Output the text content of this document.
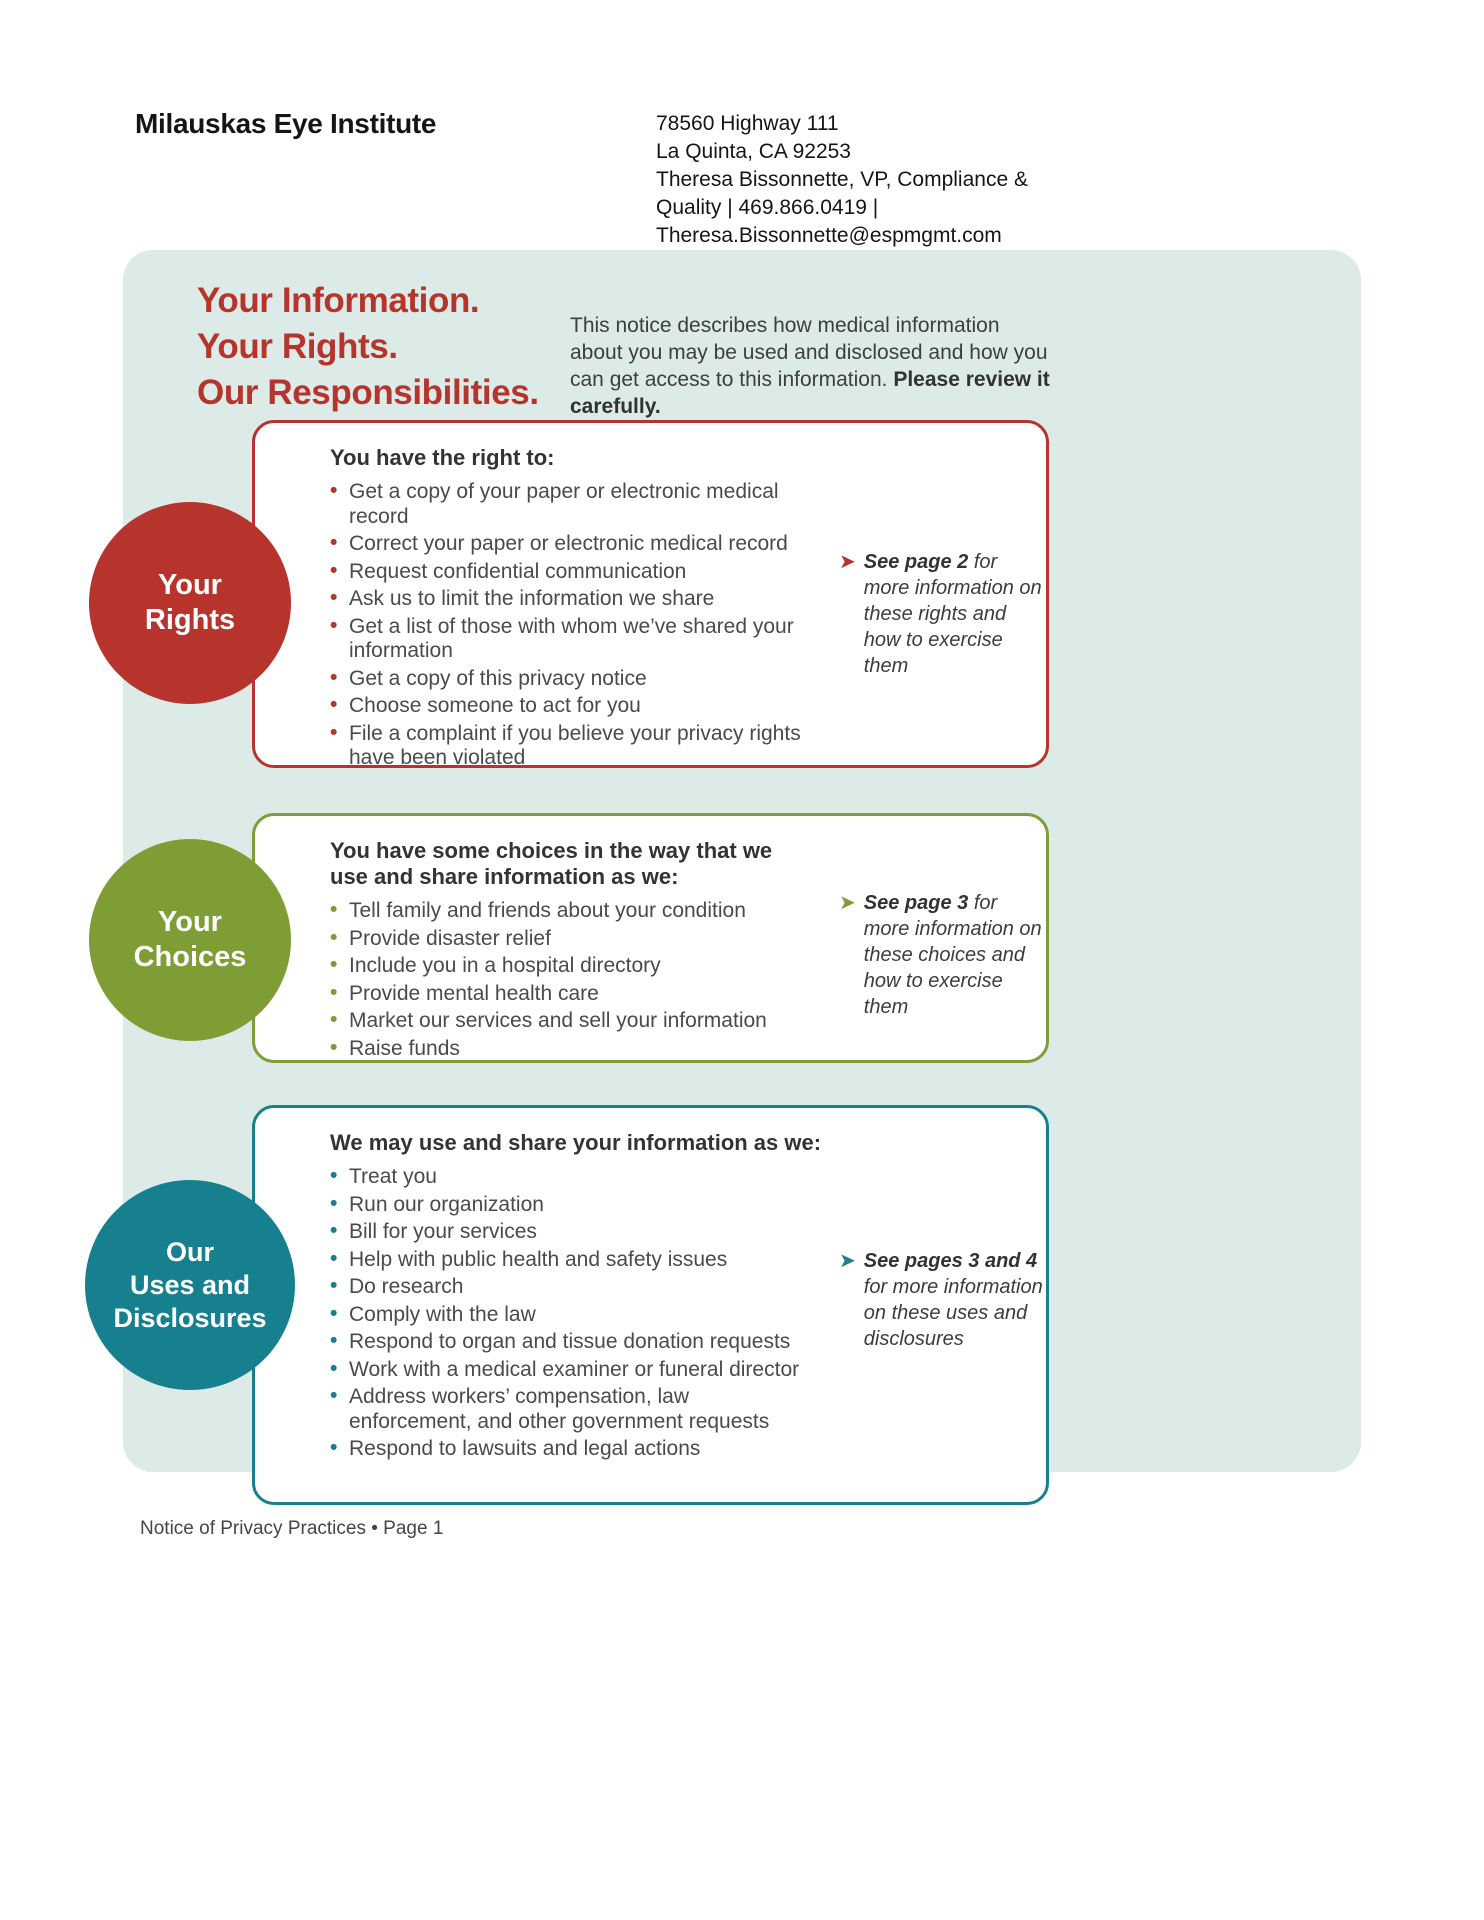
Milauskas Eye Institute	78560 Highway 111
La Quinta, CA 92253
Theresa Bissonnette, VP, Compliance &
Quality | 469.866.0419 |
Theresa.Bissonnette@espmgmt.com
Your Information.
Your Rights.
Our Responsibilities.
This notice describes how medical information about you may be used and disclosed and how you can get access to this information. Please review it carefully.
You have the right to:
• Get a copy of your paper or electronic medical record
• Correct your paper or electronic medical record
• Request confidential communication
• Ask us to limit the information we share
• Get a list of those with whom we’ve shared your information
• Get a copy of this privacy notice
• Choose someone to act for you
• File a complaint if you believe your privacy rights have been violated
➤ See page 2 for more information on these rights and how to exercise them
Your
Rights
You have some choices in the way that we use and share information as we:
• Tell family and friends about your condition
• Provide disaster relief
• Include you in a hospital directory
• Provide mental health care
• Market our services and sell your information
• Raise funds
➤ See page 3 for more information on these choices and how to exercise them
Your
Choices
We may use and share your information as we:
• Treat you
• Run our organization
• Bill for your services
• Help with public health and safety issues
• Do research
• Comply with the law
• Respond to organ and tissue donation requests
• Work with a medical examiner or funeral director
• Address workers’ compensation, law enforcement, and other government requests
• Respond to lawsuits and legal actions
➤ See pages 3 and 4 for more information on these uses and disclosures
Our
Uses and
Disclosures
Notice of Privacy Practices • Page 1
